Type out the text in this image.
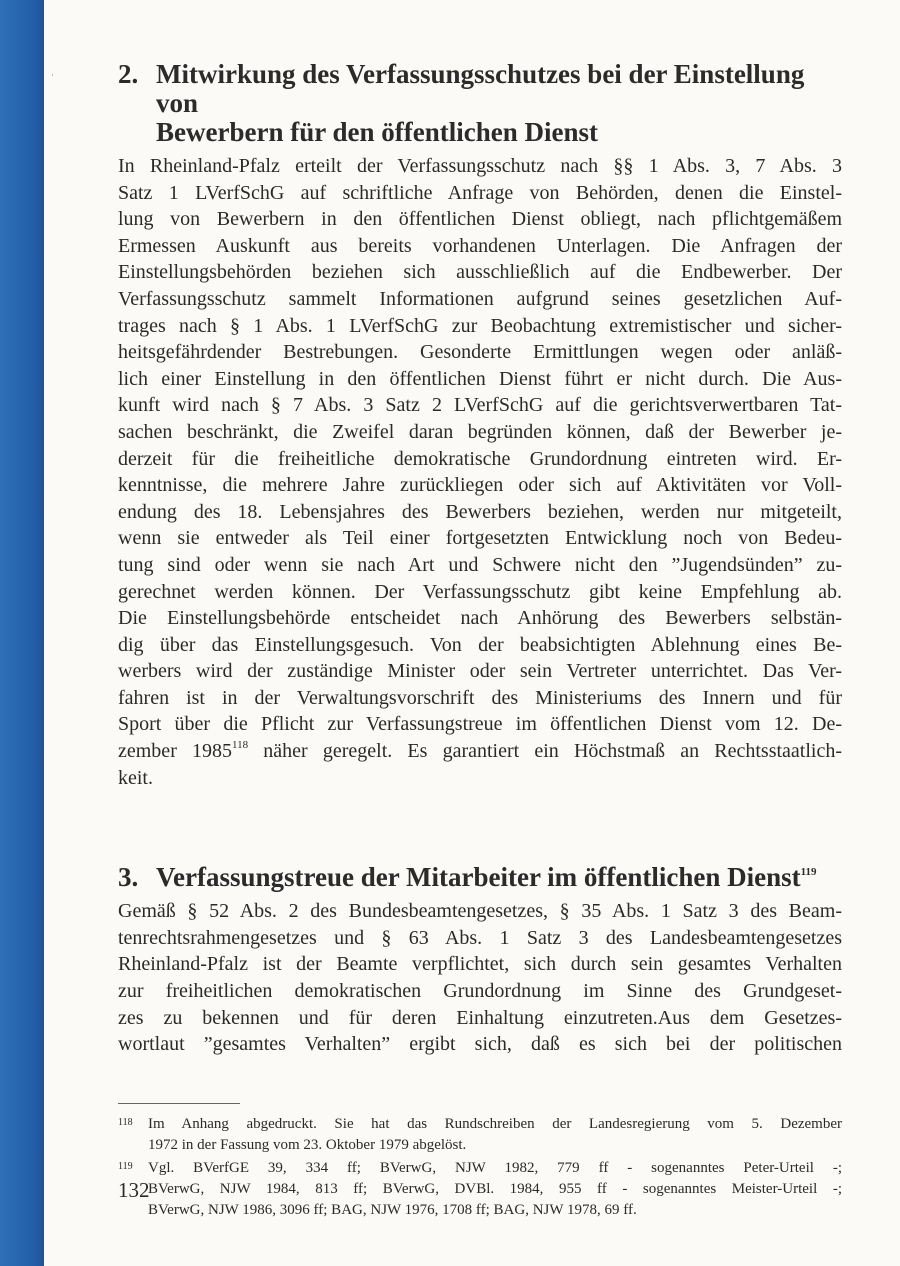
· 2. Mitwirkung des Verfassungsschutzes bei der Einstellung von
Bewerbern für den öffentlichen Dienst

In Rheinland-Pfalz erteilt der Verfassungsschutz nach §§ 1 Abs. 3, 7 Abs. 3
Satz 1 LVerfSchG auf schriftliche Anfrage von Behörden, denen die Einstel-
lung von Bewerbern in den öffentlichen Dienst obliegt, nach pflichtgemäßem
Ermessen Auskunft aus bereits vorhandenen Unterlagen. Die Anfragen der
Einstellungsbehörden beziehen sich ausschließlich auf die Endbewerber. Der
Verfassungsschutz sammelt Informationen aufgrund seines gesetzlichen Auf-
trages nach § 1 Abs. 1 LVerfSchG zur Beobachtung extremistischer und sicher-
heitsgefährdender Bestrebungen. Gesonderte Ermittlungen wegen oder anläß-
lich einer Einstellung in den öffentlichen Dienst führt er nicht durch. Die Aus-
kunft wird nach § 7 Abs. 3 Satz 2 LVerfSchG auf die gerichtsverwertbaren Tat-
sachen beschränkt, die Zweifel daran begründen können, daß der Bewerber je-
derzeit für die freiheitliche demokratische Grundordnung eintreten wird. Er-
kenntnisse, die mehrere Jahre zurückliegen oder sich auf Aktivitäten vor Voll-
endung des 18. Lebensjahres des Bewerbers beziehen, werden nur mitgeteilt,
wenn sie entweder als Teil einer fortgesetzten Entwicklung noch von Bedeu-
tung sind oder wenn sie nach Art und Schwere nicht den ”Jugendsünden” zu-
gerechnet werden können. Der Verfassungsschutz gibt keine Empfehlung ab.
Die Einstellungsbehörde entscheidet nach Anhörung des Bewerbers selbstän-
dig über das Einstellungsgesuch. Von der beabsichtigten Ablehnung eines Be-
werbers wird der zuständige Minister oder sein Vertreter unterrichtet. Das Ver-
fahren ist in der Verwaltungsvorschrift des Ministeriums des Innern und für
Sport über die Pflicht zur Verfassungstreue im öffentlichen Dienst vom 12. De-
zember 1985$^{118}$ näher geregelt. Es garantiert ein Höchstmaß an Rechtsstaatlich-
keit.

3. Verfassungstreue der Mitarbeiter im öffentlichen Dienst$^{119}$

Gemäß § 52 Abs. 2 des Bundesbeamtengesetzes, § 35 Abs. 1 Satz 3 des Beam-
tenrechtsrahmengesetzes und § 63 Abs. 1 Satz 3 des Landesbeamtengesetzes
Rheinland-Pfalz ist der Beamte verpflichtet, sich durch sein gesamtes Verhalten
zur freiheitlichen demokratischen Grundordnung im Sinne des Grundgeset-
zes zu bekennen und für deren Einhaltung einzutreten.Aus dem Gesetzes-
wortlaut ”gesamtes Verhalten” ergibt sich, daß es sich bei der politischen

118	Im Anhang abgedruckt. Sie hat das Rundschreiben der Landesregierung vom 5. Dezember
1972 in der Fassung vom 23. Oktober 1979 abgelöst.
119	Vgl. BVerfGE 39, 334 ff; BVerwG, NJW 1982, 779 ff - sogenanntes Peter-Urteil -;
BVerwG, NJW 1984, 813 ff; BVerwG, DVBl. 1984, 955 ff - sogenanntes Meister-Urteil -;
BVerwG, NJW 1986, 3096 ff; BAG, NJW 1976, 1708 ff; BAG, NJW 1978, 69 ff.
132
